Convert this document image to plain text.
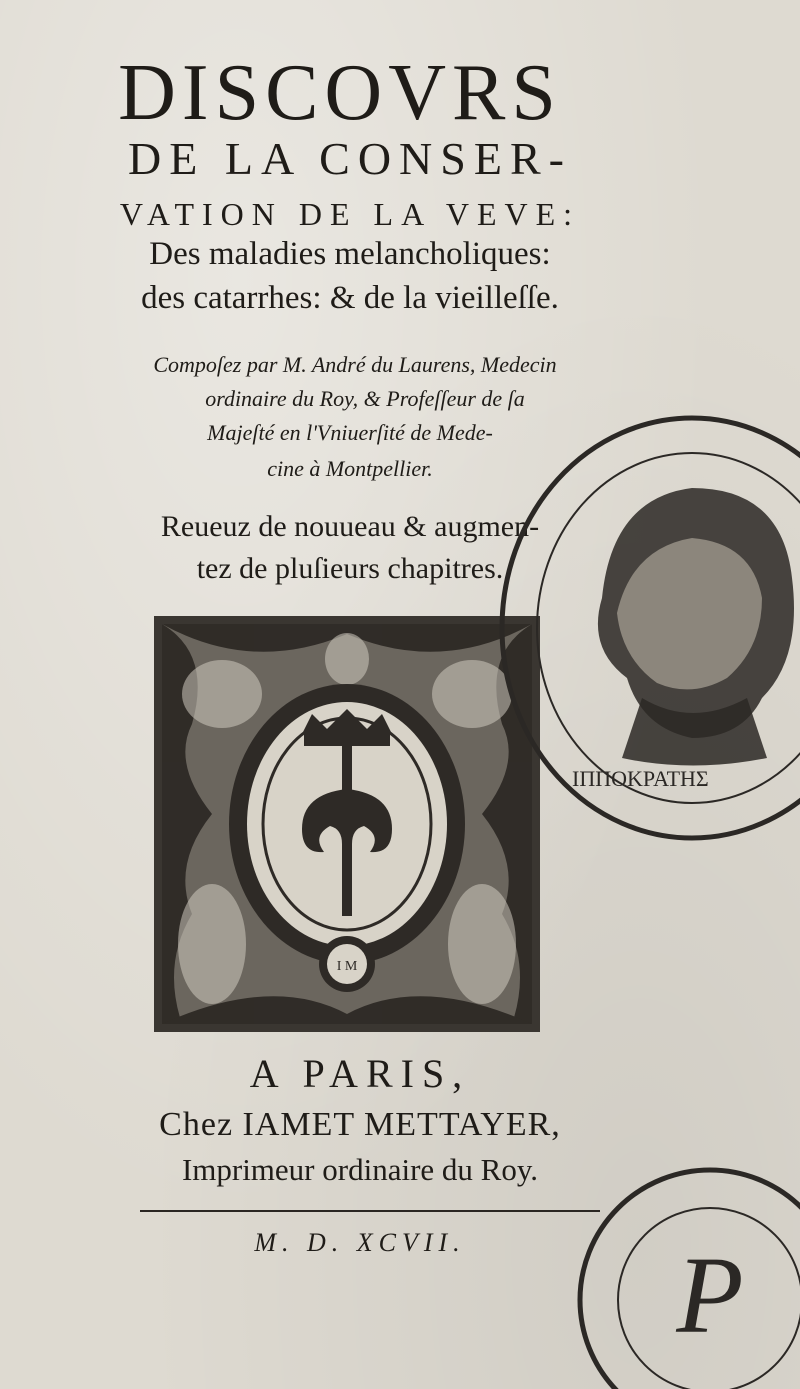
DISCOVRS
DE LA CONSER-
VATION DE LA VEVE:
Des maladies melancholiques:
des catarrhes: & de la vieilleſſe.
Compoſez par M. André du Laurens, Medecin
ordinaire du Roy, & Profeſſeur de ſa
Majeſté en l'Vniuerſité de Mede-
cine à Montpellier.
Reueuz de nouueau & augmen-
tez de pluſieurs chapitres.
I M
ΙΠΠΟΚΡΑΤΗΣ
P
A PARIS,
Chez IAMET METTAYER,
Imprimeur ordinaire du Roy.
M. D. XCVII.
